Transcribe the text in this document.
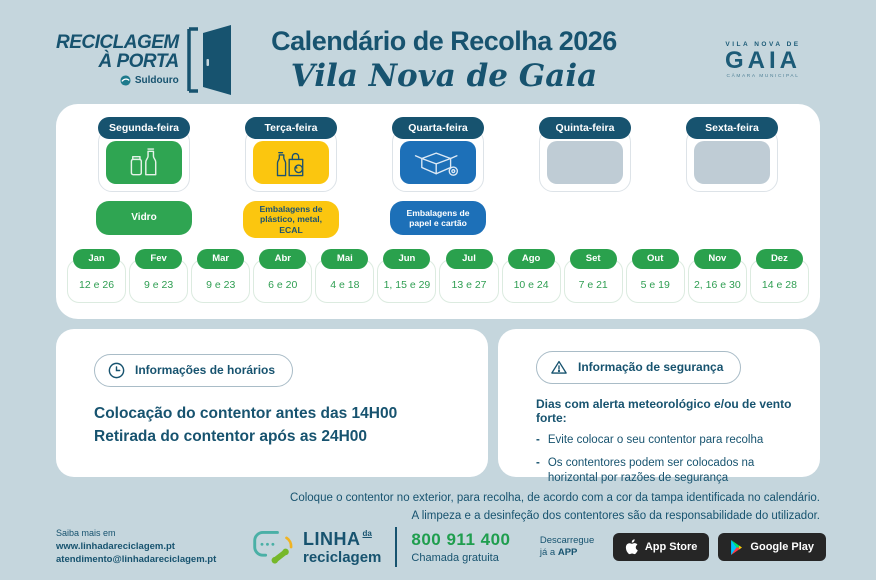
RECICLAGEM
À PORTA
Suldouro
Calendário de Recolha 2026
Vila Nova de Gaia
VILA NOVA DE
GAIA
CÂMARA MUNICIPAL
Segunda-feira
Vidro
Terça-feira
Embalagens de plástico, metal, ECAL
Quarta-feira
Embalagens de papel e cartão
Quinta-feira	Sexta-feira
Jan
12 e 26
Fev
9 e 23
Mar
9 e 23
Abr
6 e 20
Mai
4 e 18
Jun
1, 15 e 29
Jul
13 e 27
Ago
10 e 24
Set
7 e 21
Out
5 e 19
Nov
2, 16 e 30
Dez
14 e 28
Informações de horários
Colocação do contentor antes das 14H00
Retirada do contentor após as 24H00
Informação de segurança
Dias com alerta meteorológico e/ou de vento forte:
- Evite colocar o seu contentor para recolha
- Os contentores podem ser colocados na horizontal por razões de segurança
Coloque o contentor no exterior, para recolha, de acordo com a cor da tampa identificada no calendário.
A limpeza e a desinfeção dos contentores são da responsabilidade do utilizador.
Saiba mais em
www.linhadareciclagem.pt
atendimento@linhadareciclagem.pt
LINHA $^{da}$
reciclagem
800 911 400
Chamada gratuita
Descarregue
já a APP	App Store	Google Play
